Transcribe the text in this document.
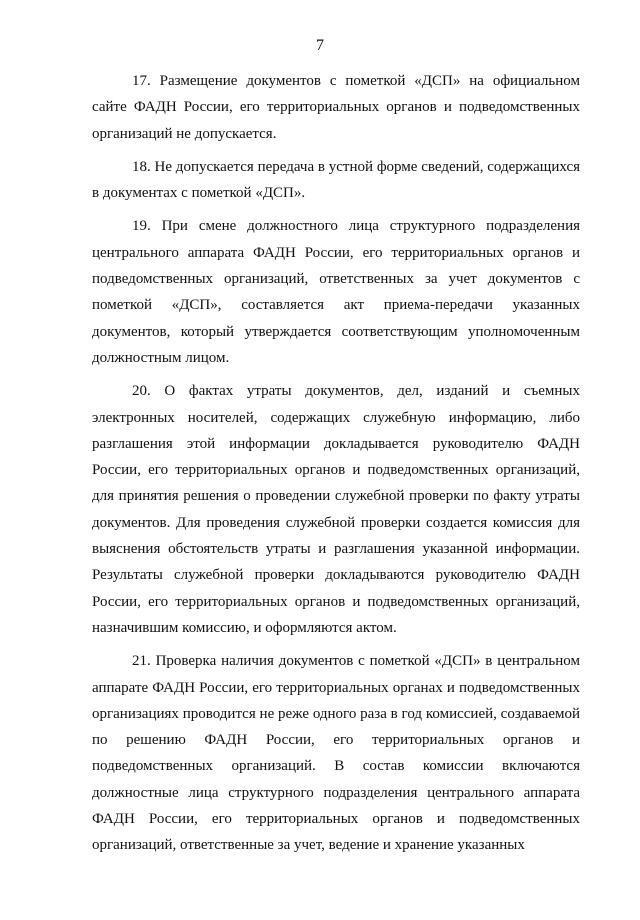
7

17. Размещение документов с пометкой «ДСП» на официальном сайте ФАДН России, его территориальных органов и подведомственных организаций не допускается.

18. Не допускается передача в устной форме сведений, содержащихся в документах с пометкой «ДСП».

19. При смене должностного лица структурного подразделения центрального аппарата ФАДН России, его территориальных органов и подведомственных организаций, ответственных за учет документов с пометкой «ДСП», составляется акт приема-передачи указанных документов, который утверждается соответствующим уполномоченным должностным лицом.

20. О фактах утраты документов, дел, изданий и съемных электронных носителей, содержащих служебную информацию, либо разглашения этой информации докладывается руководителю ФАДН России, его территориальных органов и подведомственных организаций, для принятия решения о проведении служебной проверки по факту утраты документов. Для проведения служебной проверки создается комиссия для выяснения обстоятельств утраты и разглашения указанной информации. Результаты служебной проверки докладываются руководителю ФАДН России, его территориальных органов и подведомственных организаций, назначившим комиссию, и оформляются актом.

21. Проверка наличия документов с пометкой «ДСП» в центральном аппарате ФАДН России, его территориальных органах и подведомственных организациях проводится не реже одного раза в год комиссией, создаваемой по решению ФАДН России, его территориальных органов и подведомственных организаций. В состав комиссии включаются должностные лица структурного подразделения центрального аппарата ФАДН России, его территориальных органов и подведомственных организаций, ответственные за учет, ведение и хранение указанных
